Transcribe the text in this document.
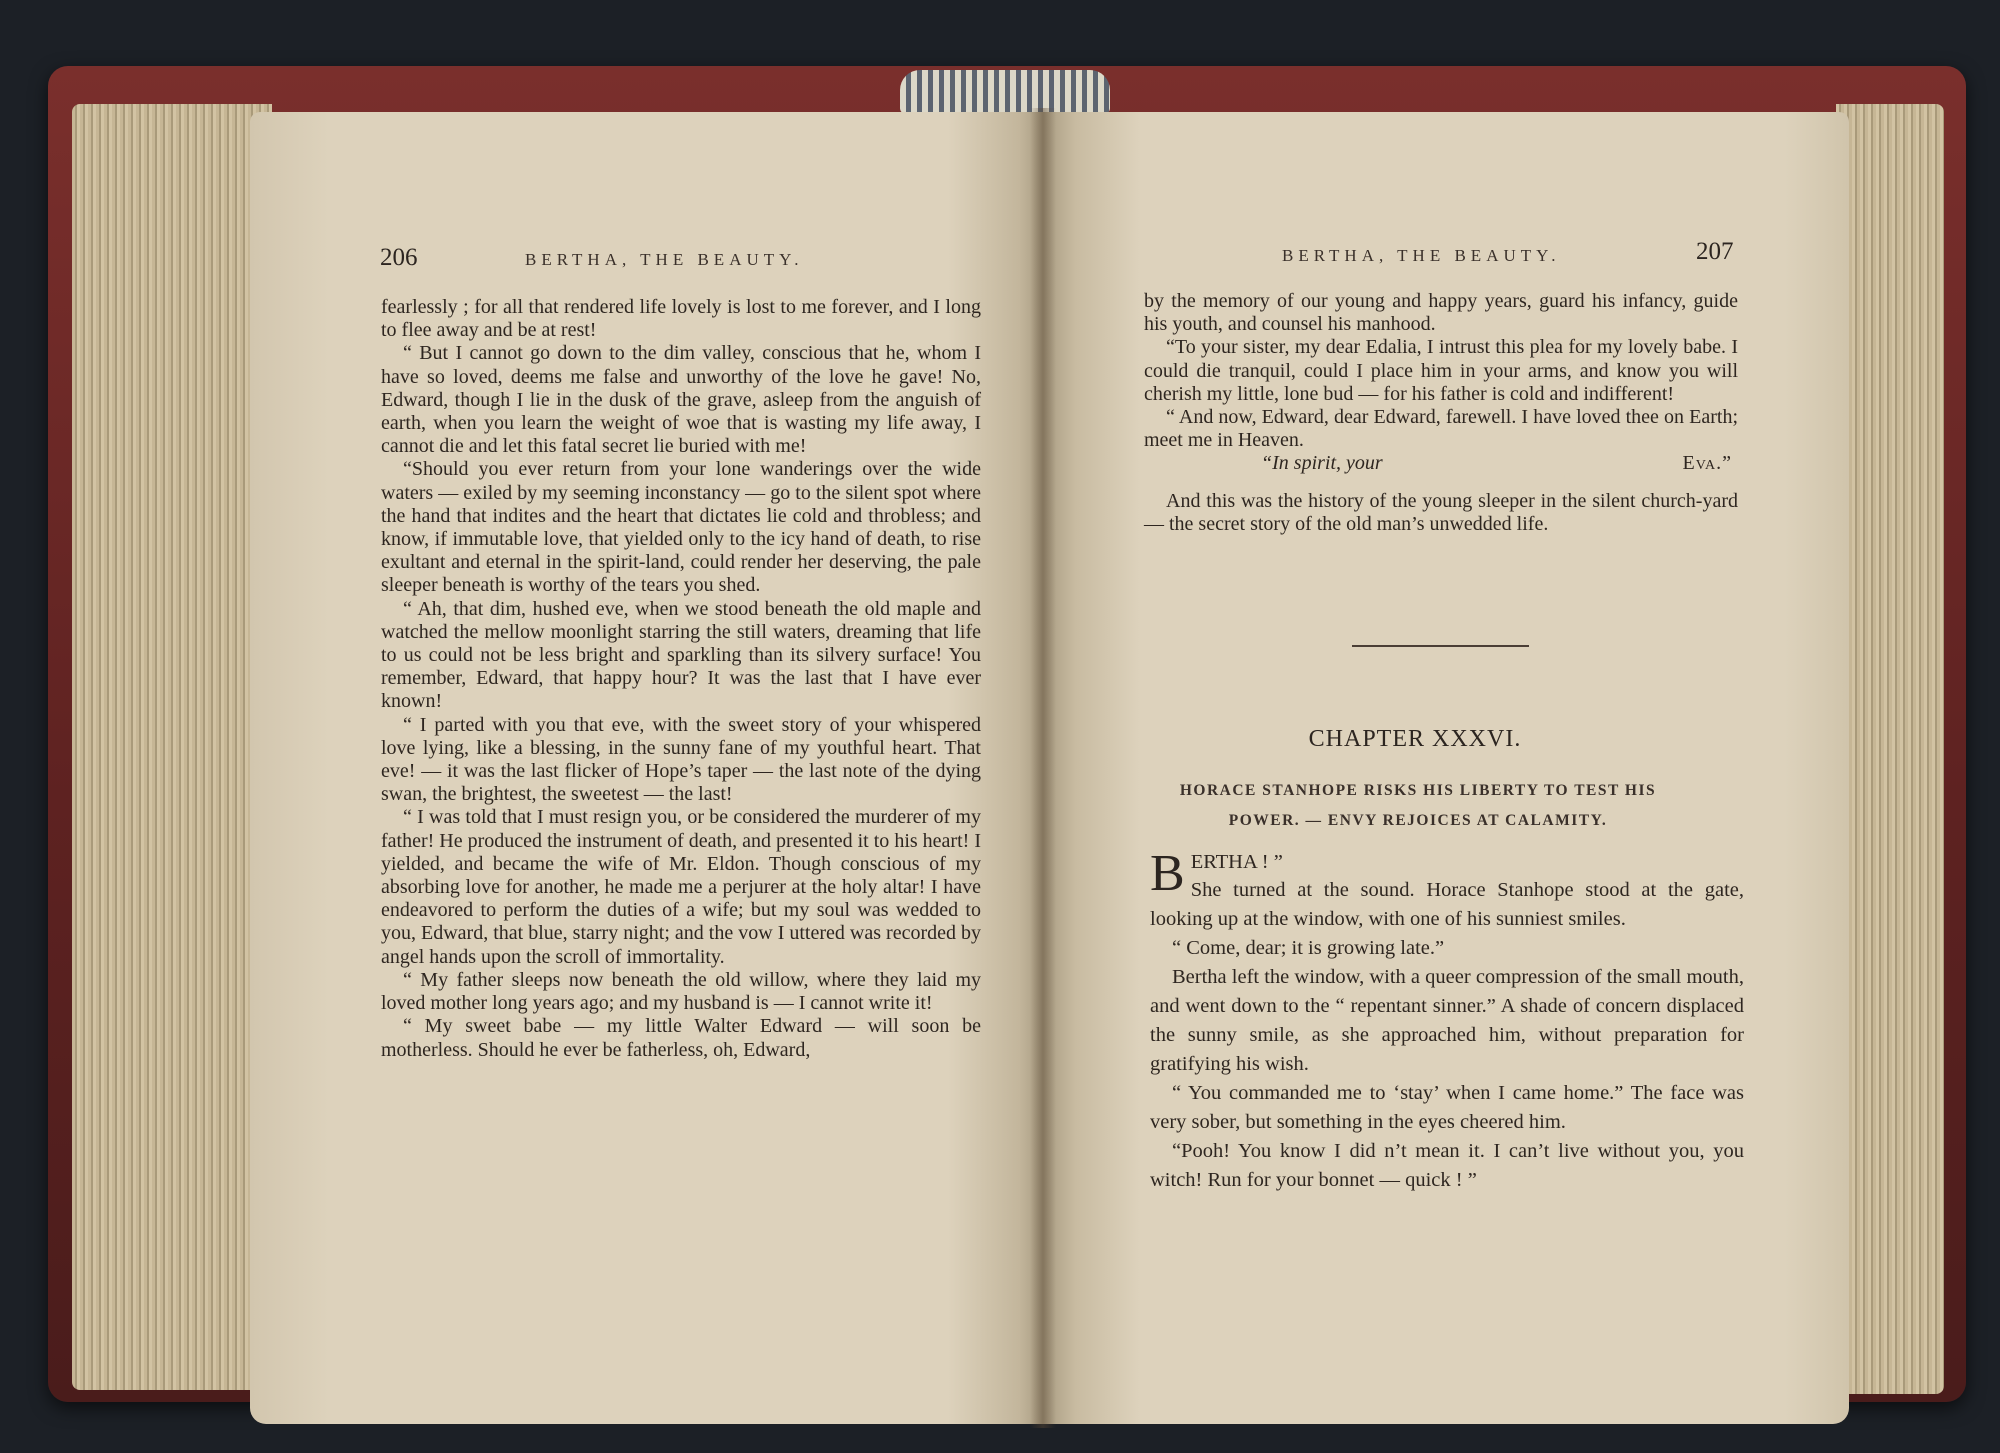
206	BERTHA, THE BEAUTY.	BERTHA, THE BEAUTY.	207

fearlessly ; for all that rendered life lovely is lost to me forever, and I long to flee away and be at rest!

“ But I cannot go down to the dim valley, conscious that he, whom I have so loved, deems me false and unworthy of the love he gave! No, Edward, though I lie in the dusk of the grave, asleep from the anguish of earth, when you learn the weight of woe that is wasting my life away, I cannot die and let this fatal secret lie buried with me!

“Should you ever return from your lone wanderings over the wide waters — exiled by my seeming inconstancy — go to the silent spot where the hand that indites and the heart that dictates lie cold and throbless; and know, if immutable love, that yielded only to the icy hand of death, to rise exultant and eternal in the spirit-land, could render her deserving, the pale sleeper beneath is worthy of the tears you shed.

“ Ah, that dim, hushed eve, when we stood beneath the old maple and watched the mellow moonlight starring the still waters, dreaming that life to us could not be less bright and sparkling than its silvery surface! You remember, Edward, that happy hour? It was the last that I have ever known!

“ I parted with you that eve, with the sweet story of your whispered love lying, like a blessing, in the sunny fane of my youthful heart. That eve! — it was the last flicker of Hope’s taper — the last note of the dying swan, the brightest, the sweetest — the last!

“ I was told that I must resign you, or be considered the murderer of my father! He produced the instrument of death, and presented it to his heart! I yielded, and became the wife of Mr. Eldon. Though conscious of my absorbing love for another, he made me a perjurer at the holy altar! I have endeavored to perform the duties of a wife; but my soul was wedded to you, Edward, that blue, starry night; and the vow I uttered was recorded by angel hands upon the scroll of immortality.

“ My father sleeps now beneath the old willow, where they laid my loved mother long years ago; and my husband is — I cannot write it!

“ My sweet babe — my little Walter Edward — will soon be motherless. Should he ever be fatherless, oh, Edward,

by the memory of our young and happy years, guard his infancy, guide his youth, and counsel his manhood.

“To your sister, my dear Edalia, I intrust this plea for my lovely babe. I could die tranquil, could I place him in your arms, and know you will cherish my little, lone bud — for his father is cold and indifferent!

“ And now, Edward, dear Edward, farewell. I have loved thee on Earth; meet me in Heaven.

“In spirit, your	Eva.”

And this was the history of the young sleeper in the silent church-yard — the secret story of the old man’s unwedded life.

CHAPTER XXXVI.
HORACE STANHOPE RISKS HIS LIBERTY TO TEST HIS
POWER. — ENVY REJOICES AT CALAMITY.

BERTHA ! ”

She turned at the sound. Horace Stanhope stood at the gate, looking up at the window, with one of his sunniest smiles.

“ Come, dear; it is growing late.”

Bertha left the window, with a queer compression of the small mouth, and went down to the “ repentant sinner.” A shade of concern displaced the sunny smile, as she approached him, without preparation for gratifying his wish.

“ You commanded me to ‘stay’ when I came home.” The face was very sober, but something in the eyes cheered him.

“Pooh! You know I did n’t mean it. I can’t live without you, you witch! Run for your bonnet — quick ! ”
